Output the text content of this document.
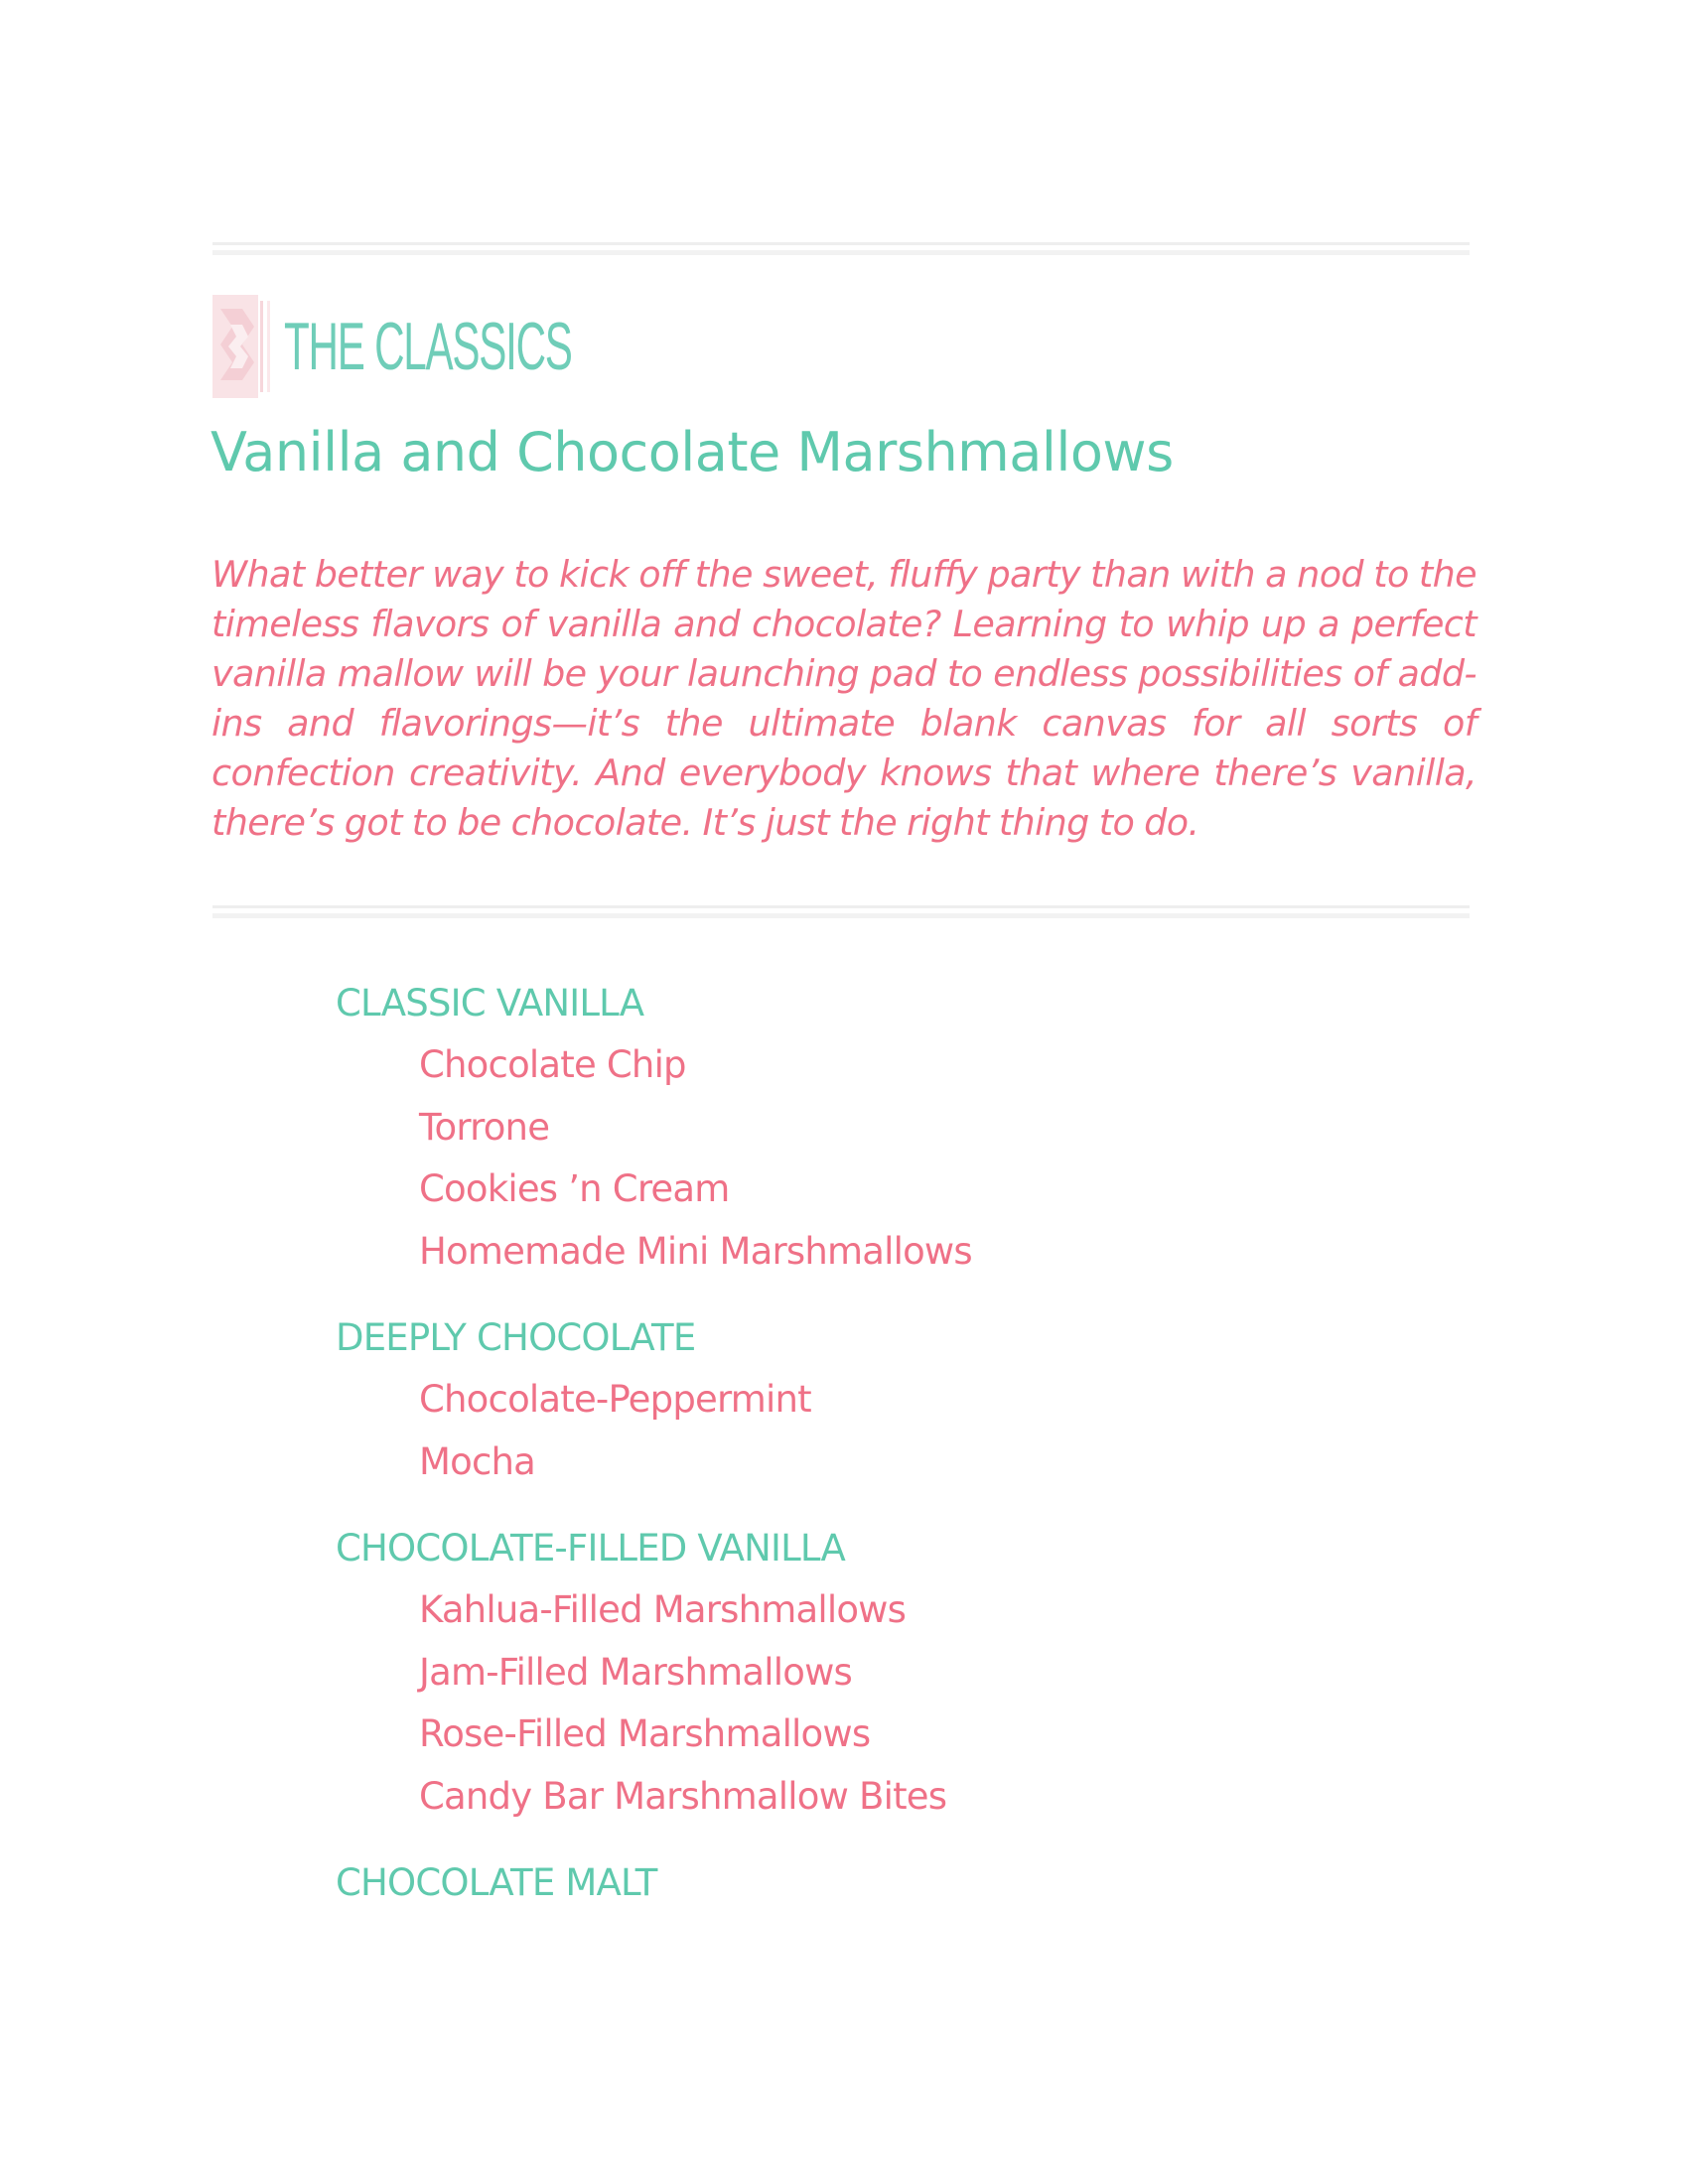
THE CLASSICS
Vanilla and Chocolate Marshmallows

What better way to kick off the sweet, fluffy party than with a nod to the timeless flavors of vanilla and chocolate? Learning to whip up a perfect vanilla mallow will be your launching pad to endless possibilities of add-ins and flavorings—it’s the ultimate blank canvas for all sorts of confection creativity. And everybody knows that where there’s vanilla, there’s got to be chocolate. It’s just the right thing to do.

CLASSIC VANILLA
Chocolate Chip
Torrone
Cookies ’n Cream
Homemade Mini Marshmallows
DEEPLY CHOCOLATE
Chocolate-Peppermint
Mocha
CHOCOLATE-FILLED VANILLA
Kahlua-Filled Marshmallows
Jam-Filled Marshmallows
Rose-Filled Marshmallows
Candy Bar Marshmallow Bites
CHOCOLATE MALT
